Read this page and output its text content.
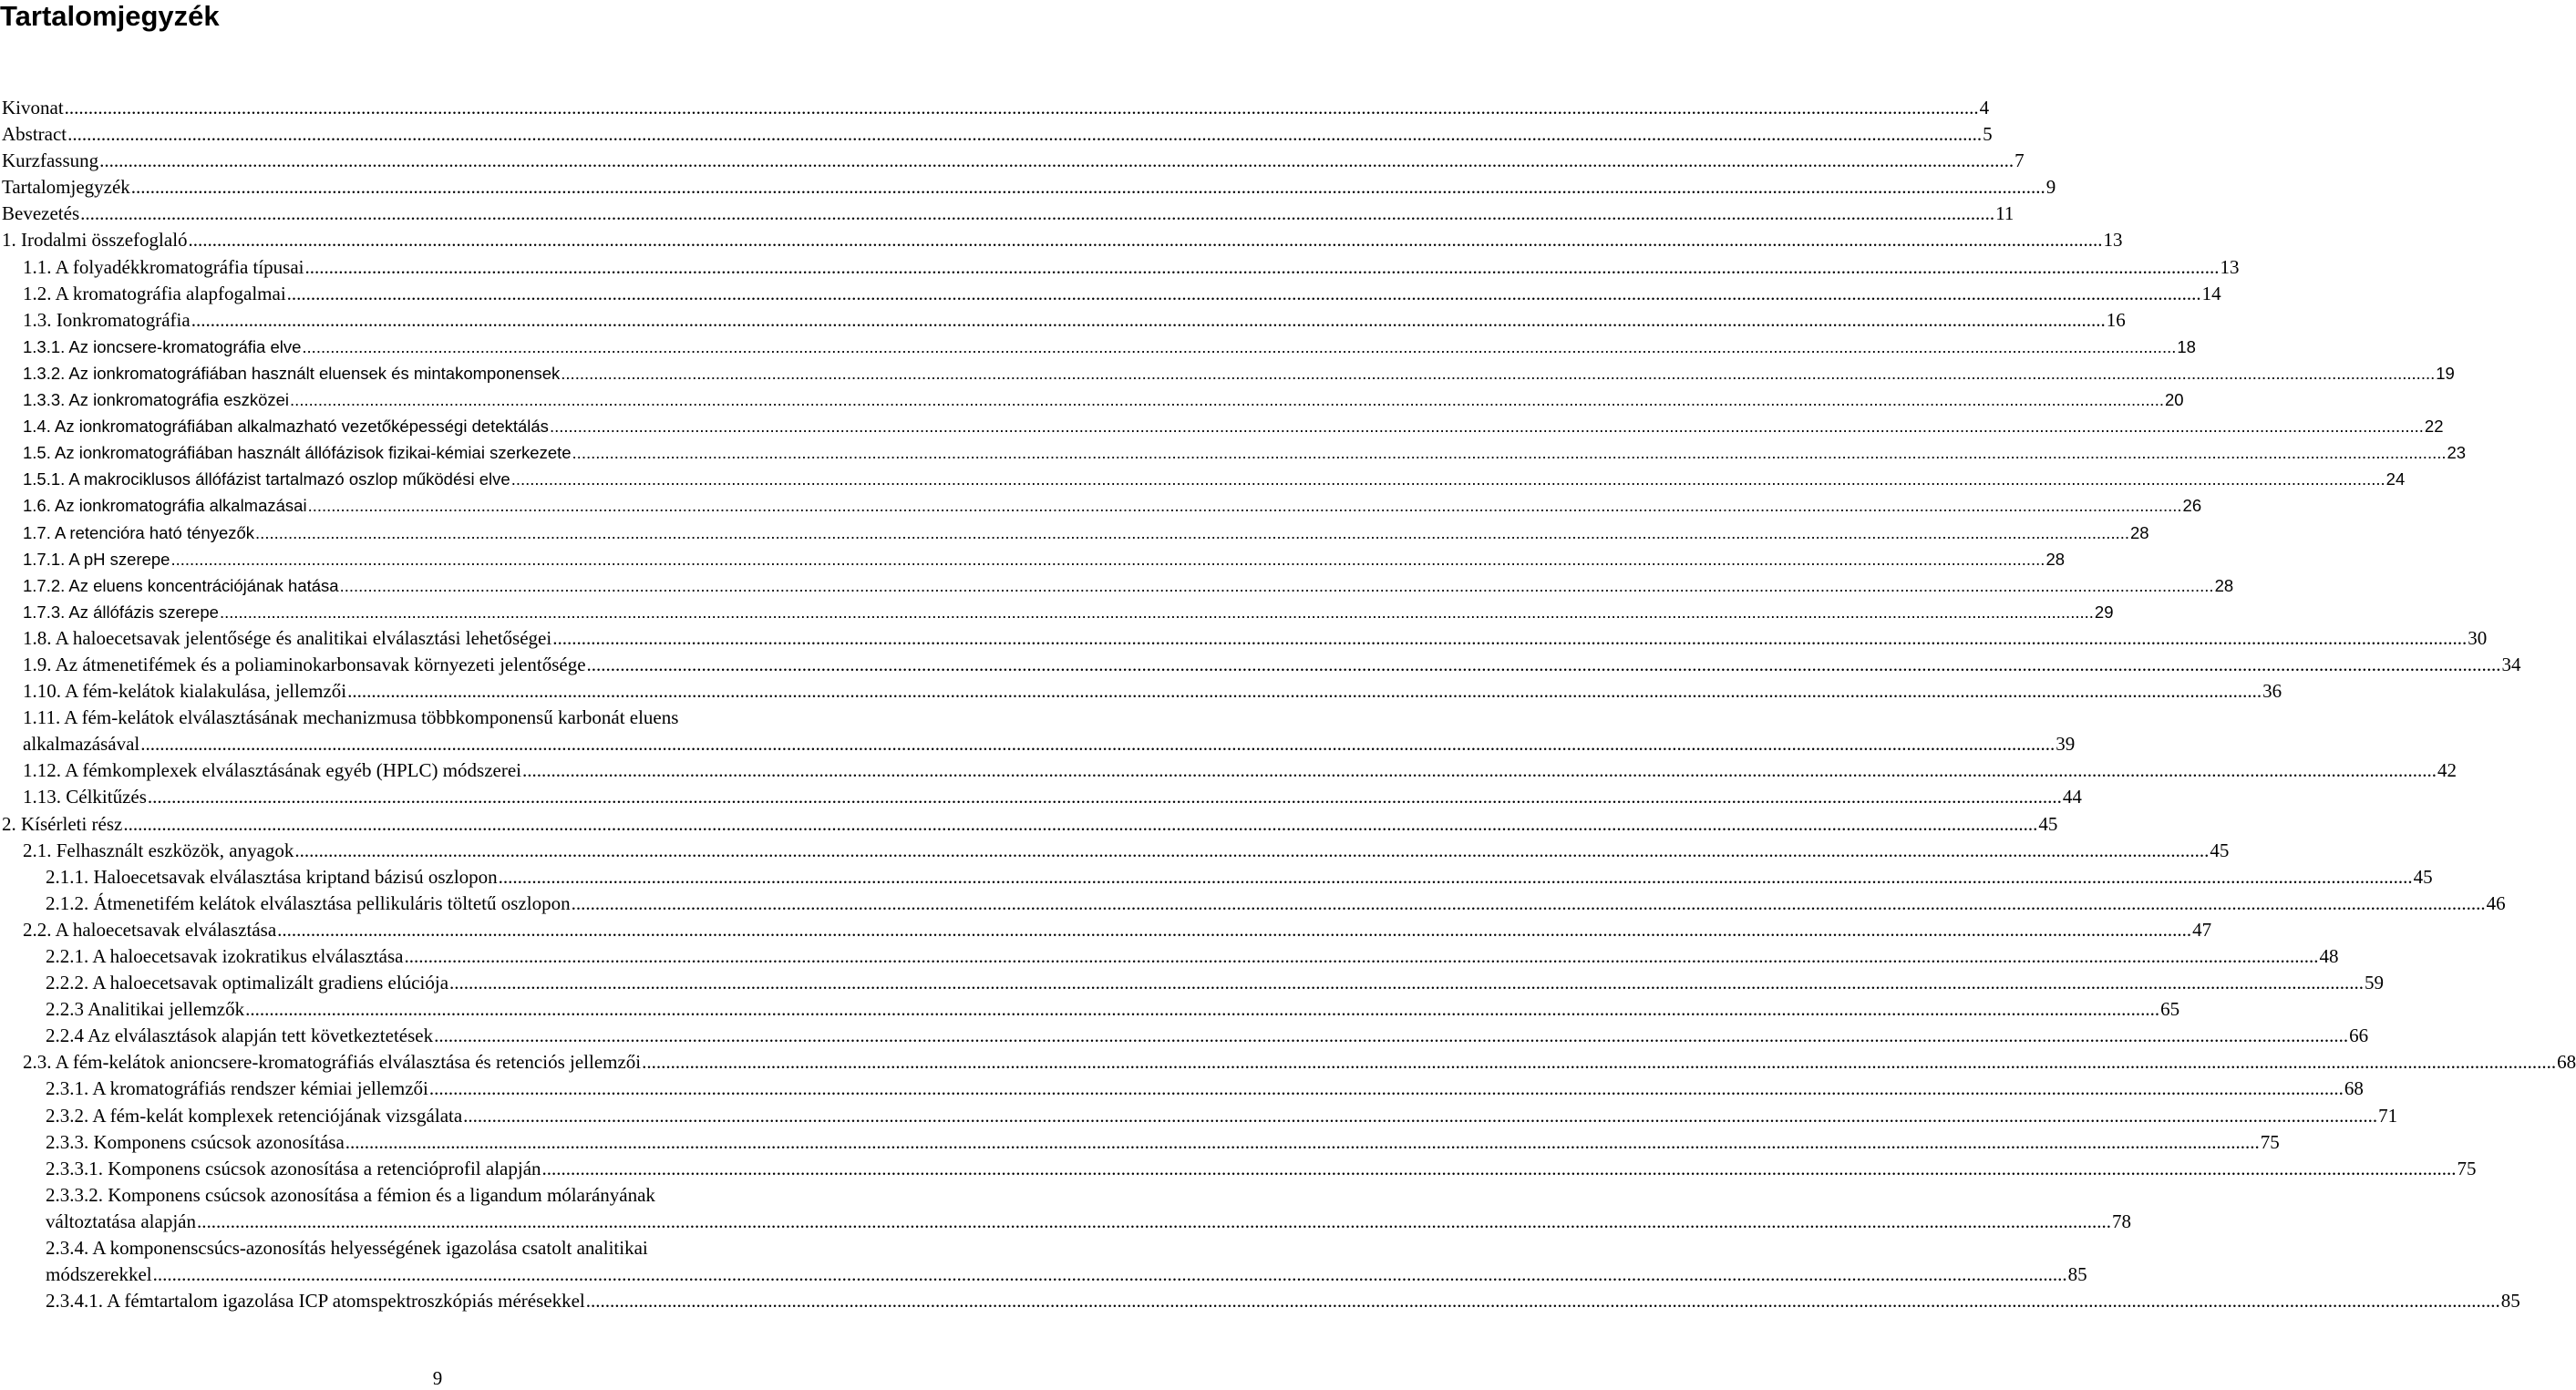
Tartalomjegyzék
Kivonat ................................................................................................................................................................................................................................................................................................................................................................................................................ 4
Abstract ................................................................................................................................................................................................................................................................................................................................................................................................................ 5
Kurzfassung ................................................................................................................................................................................................................................................................................................................................................................................................................ 7
Tartalomjegyzék ................................................................................................................................................................................................................................................................................................................................................................................................................ 9
Bevezetés ................................................................................................................................................................................................................................................................................................................................................................................................................ 11
1. Irodalmi összefoglaló ................................................................................................................................................................................................................................................................................................................................................................................................................ 13
1.1. A folyadékkromatográfia típusai ................................................................................................................................................................................................................................................................................................................................................................................................................ 13
1.2. A kromatográfia alapfogalmai ................................................................................................................................................................................................................................................................................................................................................................................................................ 14
1.3. Ionkromatográfia ................................................................................................................................................................................................................................................................................................................................................................................................................ 16
1.3.1. Az ioncsere-kromatográfia elve ................................................................................................................................................................................................................................................................................................................................................................................................................ 18
1.3.2. Az ionkromatográfiában használt eluensek és mintakomponensek ................................................................................................................................................................................................................................................................................................................................................................................................................ 19
1.3.3. Az ionkromatográfia eszközei ................................................................................................................................................................................................................................................................................................................................................................................................................ 20
1.4. Az ionkromatográfiában alkalmazható vezetőképességi detektálás ................................................................................................................................................................................................................................................................................................................................................................................................................ 22
1.5. Az ionkromatográfiában használt állófázisok fizikai-kémiai szerkezete ................................................................................................................................................................................................................................................................................................................................................................................................................ 23
1.5.1. A makrociklusos állófázist tartalmazó oszlop működési elve ................................................................................................................................................................................................................................................................................................................................................................................................................ 24
1.6. Az ionkromatográfia alkalmazásai ................................................................................................................................................................................................................................................................................................................................................................................................................ 26
1.7. A retencióra ható tényezők ................................................................................................................................................................................................................................................................................................................................................................................................................ 28
1.7.1. A pH szerepe ................................................................................................................................................................................................................................................................................................................................................................................................................ 28
1.7.2. Az eluens koncentrációjának hatása ................................................................................................................................................................................................................................................................................................................................................................................................................ 28
1.7.3. Az állófázis szerepe ................................................................................................................................................................................................................................................................................................................................................................................................................ 29
1.8. A haloecetsavak jelentősége és analitikai elválasztási lehetőségei ................................................................................................................................................................................................................................................................................................................................................................................................................ 30
1.9. Az átmenetifémek és a poliaminokarbonsavak környezeti jelentősége ................................................................................................................................................................................................................................................................................................................................................................................................................ 34
1.10. A fém-kelátok kialakulása, jellemzői ................................................................................................................................................................................................................................................................................................................................................................................................................ 36
1.11. A fém-kelátok elválasztásának mechanizmusa többkomponensű karbonát eluens
alkalmazásával ................................................................................................................................................................................................................................................................................................................................................................................................................ 39
1.12. A fémkomplexek elválasztásának egyéb (HPLC) módszerei ................................................................................................................................................................................................................................................................................................................................................................................................................ 42
1.13. Célkitűzés ................................................................................................................................................................................................................................................................................................................................................................................................................ 44
2. Kísérleti rész ................................................................................................................................................................................................................................................................................................................................................................................................................ 45
2.1. Felhasznált eszközök, anyagok ................................................................................................................................................................................................................................................................................................................................................................................................................ 45
2.1.1. Haloecetsavak elválasztása kriptand bázisú oszlopon ................................................................................................................................................................................................................................................................................................................................................................................................................ 45
2.1.2. Átmenetifém kelátok elválasztása pellikuláris töltetű oszlopon ................................................................................................................................................................................................................................................................................................................................................................................................................ 46
2.2. A haloecetsavak elválasztása ................................................................................................................................................................................................................................................................................................................................................................................................................ 47
2.2.1. A haloecetsavak izokratikus elválasztása ................................................................................................................................................................................................................................................................................................................................................................................................................ 48
2.2.2. A haloecetsavak optimalizált gradiens elúciója ................................................................................................................................................................................................................................................................................................................................................................................................................ 59
2.2.3 Analitikai jellemzők ................................................................................................................................................................................................................................................................................................................................................................................................................ 65
2.2.4 Az elválasztások alapján tett következtetések ................................................................................................................................................................................................................................................................................................................................................................................................................ 66
2.3. A fém-kelátok anioncsere-kromatográfiás elválasztása és retenciós jellemzői ................................................................................................................................................................................................................................................................................................................................................................................................................ 68
2.3.1. A kromatográfiás rendszer kémiai jellemzői ................................................................................................................................................................................................................................................................................................................................................................................................................ 68
2.3.2. A fém-kelát komplexek retenciójának vizsgálata ................................................................................................................................................................................................................................................................................................................................................................................................................ 71
2.3.3. Komponens csúcsok azonosítása ................................................................................................................................................................................................................................................................................................................................................................................................................ 75
2.3.3.1. Komponens csúcsok azonosítása a retencióprofil alapján ................................................................................................................................................................................................................................................................................................................................................................................................................ 75
2.3.3.2. Komponens csúcsok azonosítása a fémion és a ligandum mólarányának
változtatása alapján ................................................................................................................................................................................................................................................................................................................................................................................................................ 78
2.3.4. A komponenscsúcs-azonosítás helyességének igazolása csatolt analitikai
módszerekkel ................................................................................................................................................................................................................................................................................................................................................................................................................ 85
2.3.4.1. A fémtartalom igazolása ICP atomspektroszkópiás mérésekkel ................................................................................................................................................................................................................................................................................................................................................................................................................ 85
9
